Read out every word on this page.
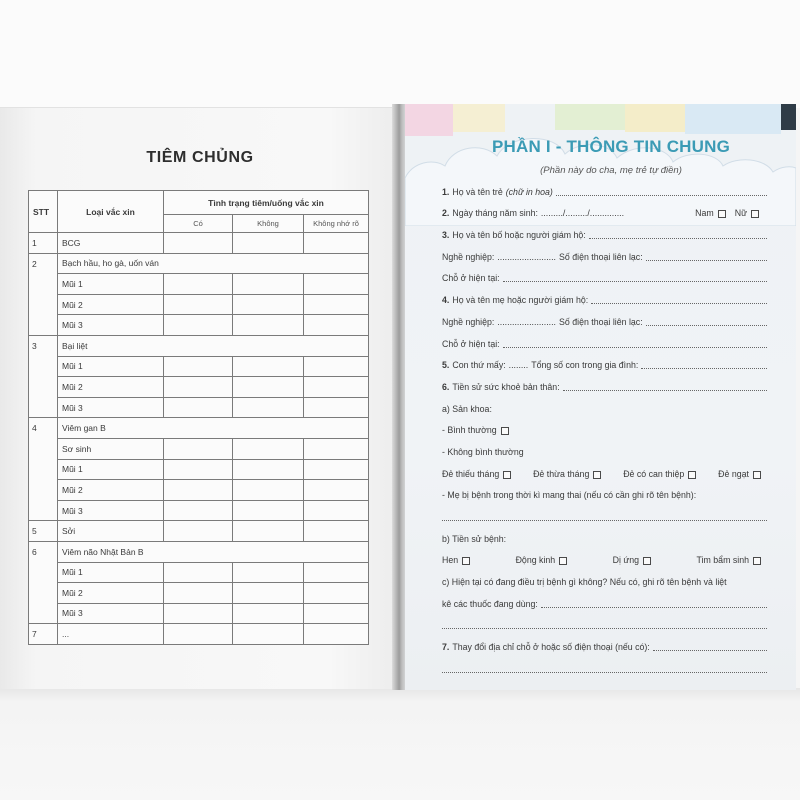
TIÊM CHỦNG
STT	Loại vắc xin	Tình trạng tiêm/uống vắc xin		
		Có	Không	Không nhớ rõ
1	BCG			
2	Bạch hầu, ho gà, uốn ván			
	Mũi 1			
	Mũi 2			
	Mũi 3			
3	Bại liệt			
	Mũi 1			
	Mũi 2			
	Mũi 3			
4	Viêm gan B			
	Sơ sinh			
	Mũi 1			
	Mũi 2			
	Mũi 3			
5	Sởi			
6	Viêm não Nhật Bản B			
	Mũi 1			
	Mũi 2			
	Mũi 3			
7	...			
PHẦN I - THÔNG TIN CHUNG
(Phần này do cha, mẹ trẻ tự điền)
1. Họ và tên trẻ (chữ in hoa)
2. Ngày tháng năm sinh: ........./........./..............	Nam Nữ
3. Họ và tên bố hoặc người giám hộ:
Nghề nghiệp: ........................ Số điện thoại liên lạc:
Chỗ ở hiện tại:
4. Họ và tên mẹ hoặc người giám hộ:
Nghề nghiệp: ........................ Số điện thoại liên lạc:
Chỗ ở hiện tại:
5. Con thứ mấy: ........ Tổng số con trong gia đình:
6. Tiền sử sức khoẻ bản thân:
a) Sản khoa:
- Bình thường
- Không bình thường
Đẻ thiếu tháng	Đẻ thừa tháng	Đẻ có can thiệp	Đẻ ngạt
- Mẹ bị bệnh trong thời kì mang thai (nếu có cần ghi rõ tên bệnh):
b) Tiền sử bệnh:
Hen	Động kinh	Dị ứng	Tim bẩm sinh
c) Hiện tại có đang điều trị bệnh gì không? Nếu có, ghi rõ tên bệnh và liệt
kê các thuốc đang dùng:
7. Thay đổi địa chỉ chỗ ở hoặc số điện thoại (nếu có):
